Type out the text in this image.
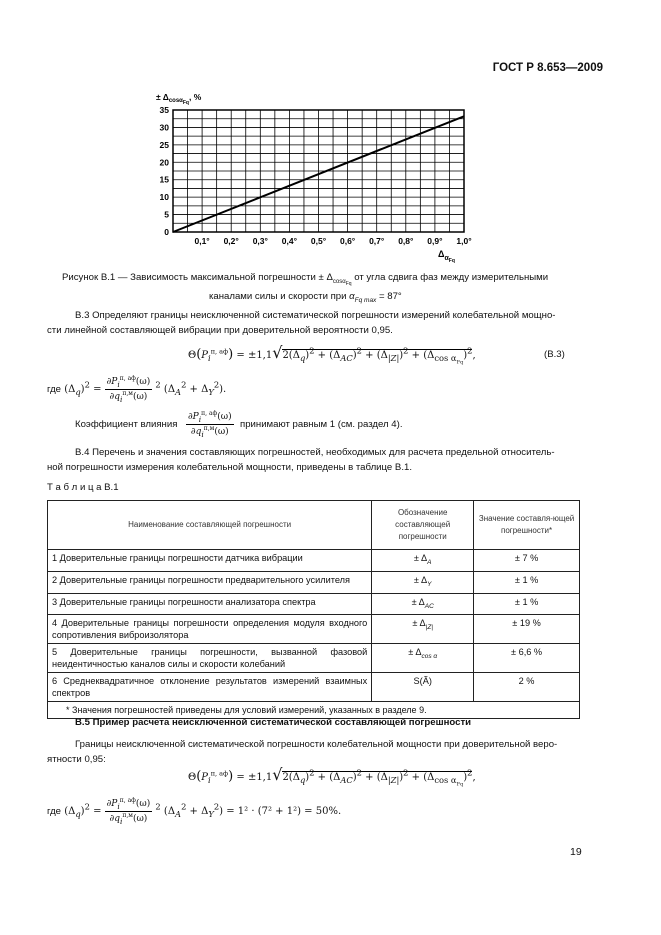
ГОСТ Р 8.653—2009
0
5
10
15
20
25
30
35
0,1° 0,2° 0,3° 0,4° 0,5° 0,6° 0,7° 0,8° 0,9° 1,0°
± $\Delta_{cos\alpha Fq}$, %
$\Delta_{\alpha Fq}$
Рисунок В.1 — Зависимость максимальной погрешности ± $\Delta_{cos\alpha_{Fq}}$ от угла сдвига фаз между измерительными
каналами силы и скорости при $\alpha_{Fq max} = 87^\circ$
В.3 Определяют границы неисключенной систематической погрешности измерений колебательной мощно-
сти линейной составляющей вибрации при доверительной вероятности 0,95.
$\Theta(P_i^{п, аф}) = \pm 1,1√2(\Delta_q)^2 + (\Delta_{AC})^2 + (\Delta_{|Z|})^2 + (\Delta_{cos \alpha_{Fq}})^2$,	(В.3)
где $(\Delta_q)^2$ =
$\partial P_i^{п, аф}(\omega)$
$\partial q_i^{п,м}(\omega)$
$^2$ $(\Delta_A^2 + \Delta_Y^2)$.
Коэффициент влияния
$\partial P_i^{п, аф}(\omega)$
$\partial q_i^{п,м}(\omega)$
принимают равным 1 (см. раздел 4).
В.4 Перечень и значения составляющих погрешностей, необходимых для расчета предельной относитель-
ной погрешности измерения колебательной мощности, приведены в таблице В.1.
Т а б л и ц а В.1
Наименование составляющей погрешности	Обозначение составляющей погрешности	Значение составля-ющей погрешности*
1 Доверительные границы погрешности датчика вибрации	± $\Delta_A$	± 7 %
2 Доверительные границы погрешности предварительного усилителя	± $\Delta_Y$	± 1 %
3 Доверительные границы погрешности анализатора спектра	± $\Delta_{AC}$	± 1 %
4 Доверительные границы погрешности определения модуля входного сопротивления виброизолятора	± $\Delta_{|Z|}$	± 19 %
5 Доверительные границы погрешности, вызванной фазовой неидентичностью каналов силы и скорости колебаний	± $\Delta_{cos \alpha}$	± 6,6 %
6 Среднеквадратичное отклонение результатов измерений взаимных спектров	S(Ã)	2 %
* Значения погрешностей приведены для условий измерений, указанных в разделе 9.		
В.5 Пример расчета неисключенной систематической составляющей погрешности
Границы неисключенной систематической погрешности колебательной мощности при доверительной веро-
ятности 0,95:
$\Theta(P_i^{п, аф}) = \pm 1,1√2(\Delta_q)^2 + (\Delta_{AC})^2 + (\Delta_{|Z|})^2 + (\Delta_{cos \alpha_{Fq}})^2$,
где $(\Delta_q)^2$ =
$\partial P_i^{п, аф}(\omega)$
$\partial q_i^{п,м}(\omega)$
$^2$ $(\Delta_A^2 + \Delta_Y^2) = 1^2 \cdot (7^2 + 1^2) = 50\%$.
19
